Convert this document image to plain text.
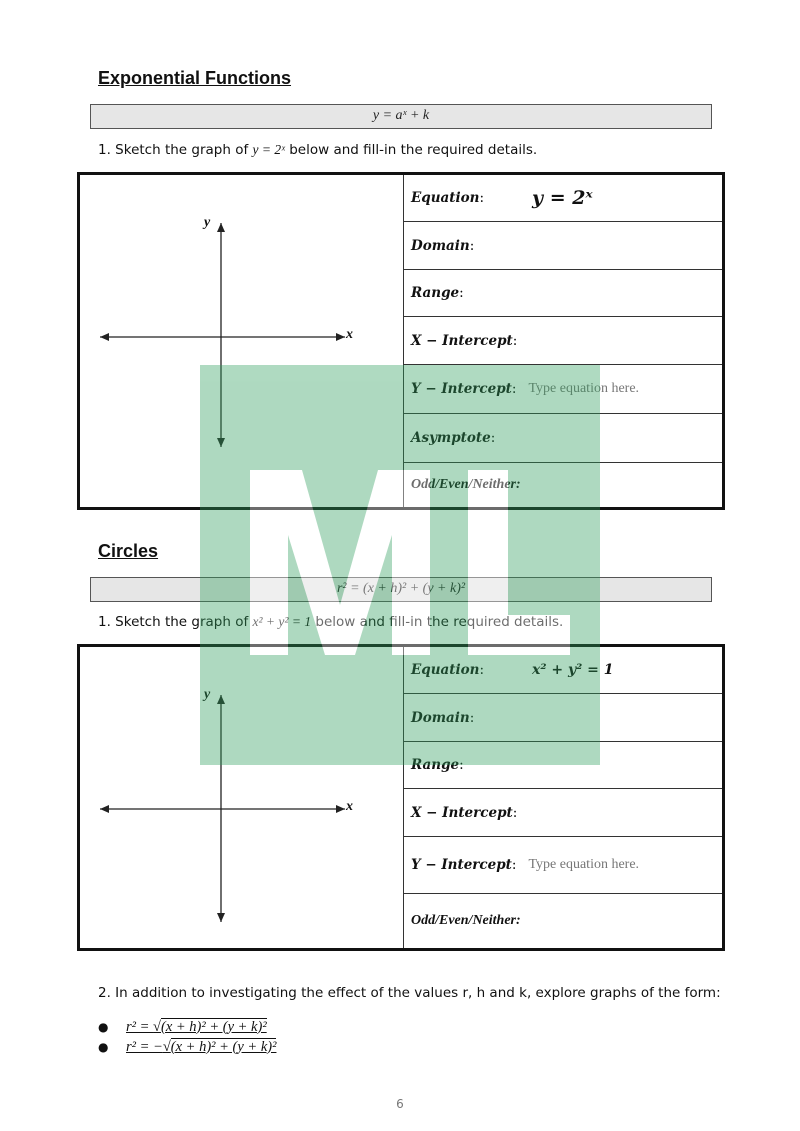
Exponential Functions
y = aˣ + k
1. Sketch the graph of y = 2ˣ below and fill-in the required details.
y
x
Equation :	y = 2ˣ
Domain :
Range :
X − Intercept :
Y − Intercept : Type equation here.
Asymptote :
Odd/Even/Neither:
Circles
r² = (x + h)² + (y + k)²
1. Sketch the graph of x² + y² = 1 below and fill-in the required details.
y
x
Equation :	x² + y² = 1
Domain :
Range :
X − Intercept :
Y − Intercept : Type equation here.
Odd/Even/Neither:
2. In addition to investigating the effect of the values r, h and k, explore graphs of the form:
●	r² = √(x + h)² + (y + k)²
●	r² = −√(x + h)² + (y + k)²
6
